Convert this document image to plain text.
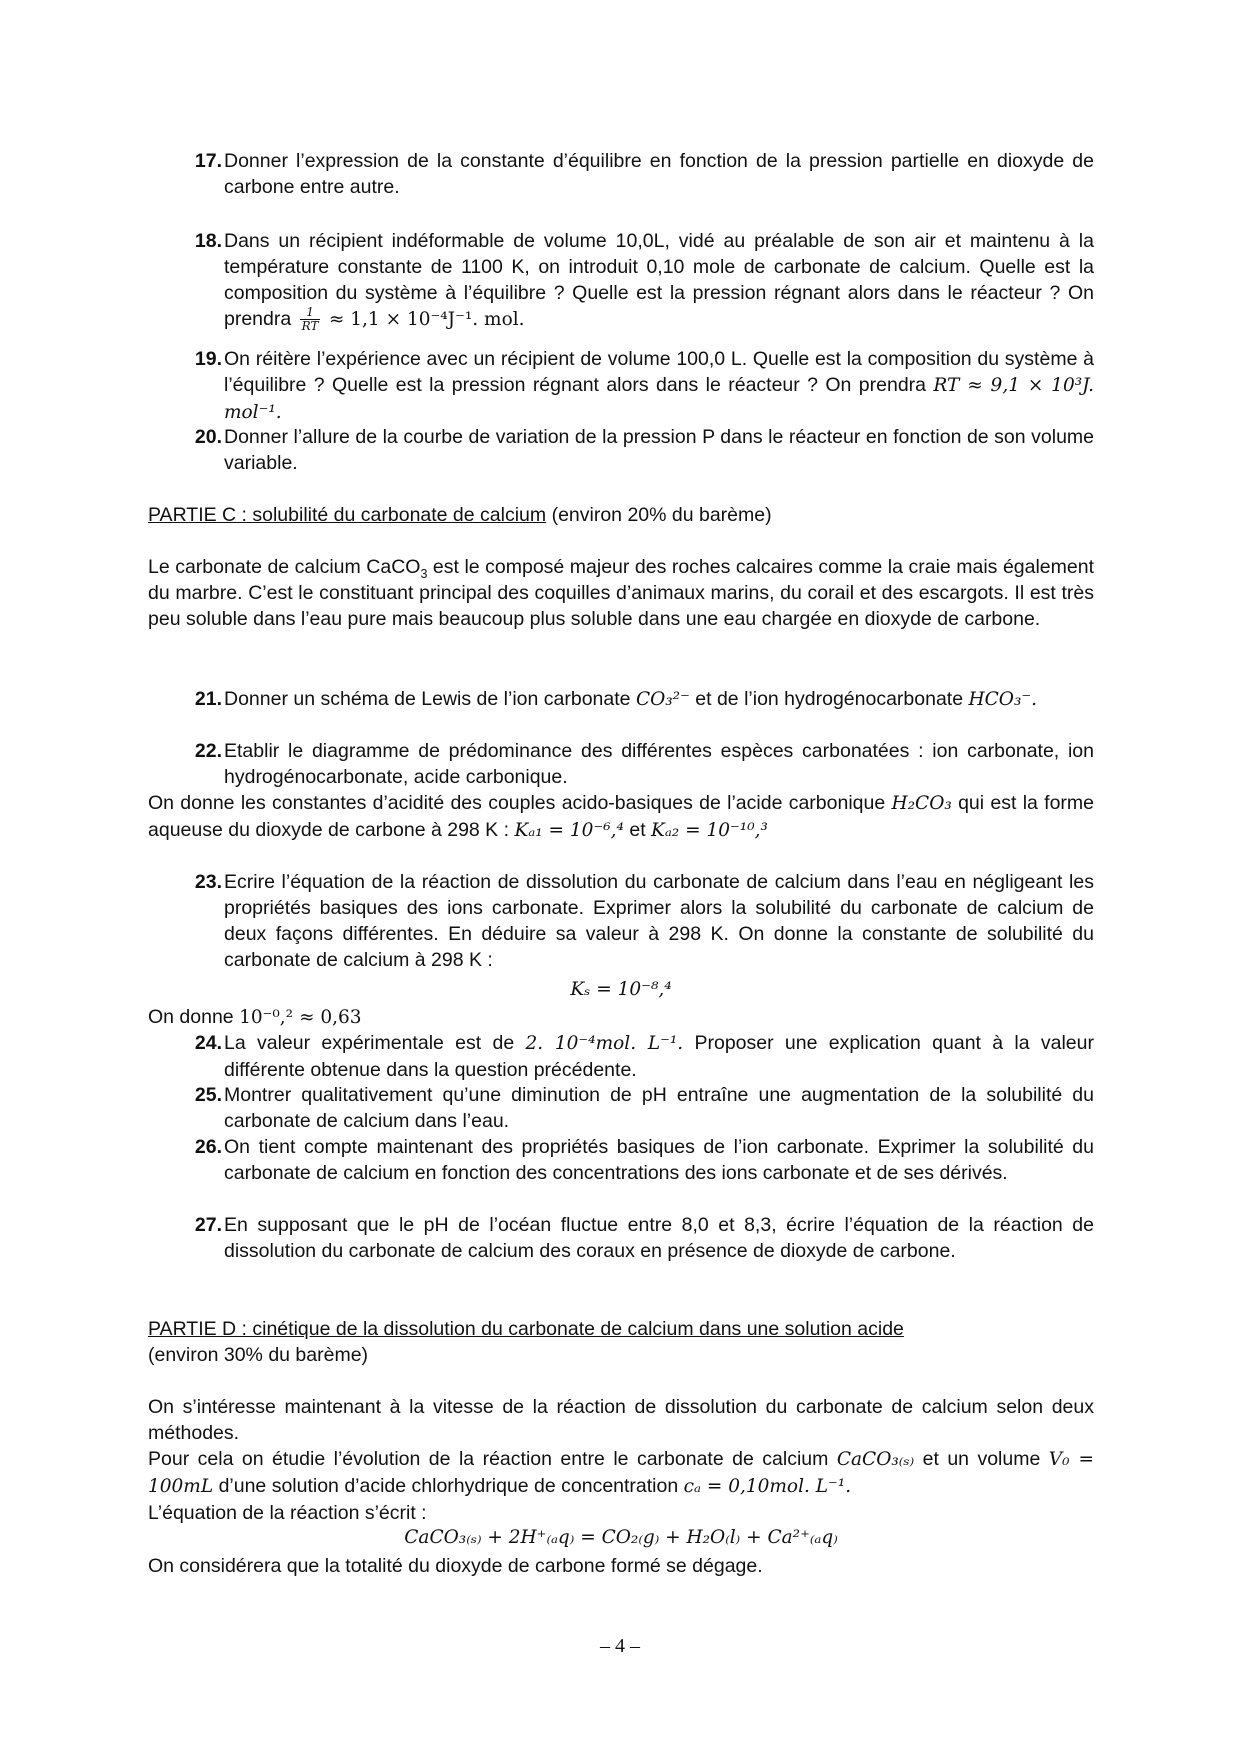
17. Donner l’expression de la constante d’équilibre en fonction de la pression partielle en dioxyde de carbone entre autre.
18. Dans un récipient indéformable de volume 10,0L, vidé au préalable de son air et maintenu à la température constante de 1100 K, on introduit 0,10 mole de carbonate de calcium. Quelle est la composition du système à l’équilibre ? Quelle est la pression régnant alors dans le réacteur ? On prendra $\frac{1}{RT} \approx 1,1 \times 10^{-4}J^{-1}$. mol.
19. On réitère l’expérience avec un récipient de volume 100,0 L. Quelle est la composition du système à l’équilibre ? Quelle est la pression régnant alors dans le réacteur ? On prendra RT ≈ 9,1 × 10³J. mol⁻¹.
20. Donner l’allure de la courbe de variation de la pression P dans le réacteur en fonction de son volume variable.
PARTIE C : solubilité du carbonate de calcium (environ 20% du barème)
Le carbonate de calcium CaCO$_3$ est le composé majeur des roches calcaires comme la craie mais également du marbre. C’est le constituant principal des coquilles d’animaux marins, du corail et des escargots. Il est très peu soluble dans l’eau pure mais beaucoup plus soluble dans une eau chargée en dioxyde de carbone.
21. Donner un schéma de Lewis de l’ion carbonate CO₃²⁻ et de l’ion hydrogénocarbonate HCO₃⁻.
22. Etablir le diagramme de prédominance des différentes espèces carbonatées : ion carbonate, ion hydrogénocarbonate, acide carbonique.
On donne les constantes d’acidité des couples acido-basiques de l’acide carbonique H₂CO₃ qui est la forme aqueuse du dioxyde de carbone à 298 K : Kₐ₁ = 10⁻⁶,⁴ et Kₐ₂ = 10⁻¹⁰,³
23. Ecrire l’équation de la réaction de dissolution du carbonate de calcium dans l’eau en négligeant les propriétés basiques des ions carbonate. Exprimer alors la solubilité du carbonate de calcium de deux façons différentes. En déduire sa valeur à 298 K. On donne la constante de solubilité du carbonate de calcium à 298 K :
Kₛ = 10⁻⁸,⁴
On donne 10⁻⁰,² ≈ 0,63
24. La valeur expérimentale est de 2. 10⁻⁴mol. L⁻¹. Proposer une explication quant à la valeur différente obtenue dans la question précédente.
25. Montrer qualitativement qu’une diminution de pH entraîne une augmentation de la solubilité du carbonate de calcium dans l’eau.
26. On tient compte maintenant des propriétés basiques de l’ion carbonate. Exprimer la solubilité du carbonate de calcium en fonction des concentrations des ions carbonate et de ses dérivés.
27. En supposant que le pH de l’océan fluctue entre 8,0 et 8,3, écrire l’équation de la réaction de dissolution du carbonate de calcium des coraux en présence de dioxyde de carbone.
PARTIE D : cinétique de la dissolution du carbonate de calcium dans une solution acide
(environ 30% du barème)
On s’intéresse maintenant à la vitesse de la réaction de dissolution du carbonate de calcium selon deux méthodes.
Pour cela on étudie l’évolution de la réaction entre le carbonate de calcium CaCO₃₍ₛ₎ et un volume V₀ = 100mL d’une solution d’acide chlorhydrique de concentration cₐ = 0,10mol. L⁻¹.
L’équation de la réaction s’écrit :
CaCO₃₍ₛ₎ + 2H⁺₍ₐq₎ = CO₂₍g₎ + H₂O₍l₎ + Ca²⁺₍ₐq₎
On considérera que la totalité du dioxyde de carbone formé se dégage.
– 4 –
